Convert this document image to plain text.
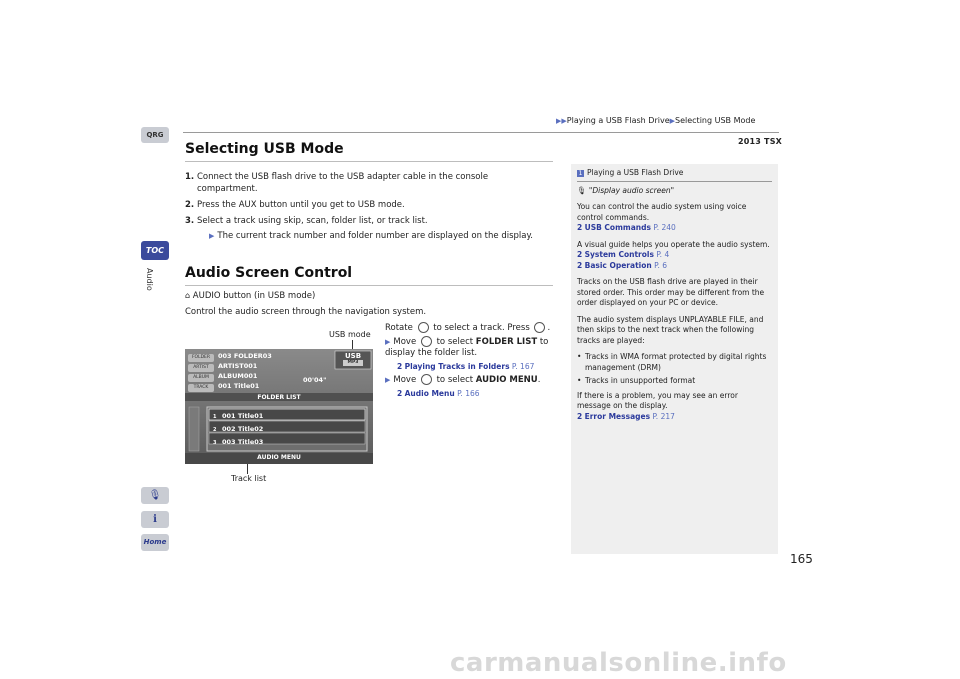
▶▶Playing a USB Flash Drive▶Selecting USB Mode
2013 TSX
QRG
TOC
Audio
🎙
i
Home
Selecting USB Mode
1. Connect the USB flash drive to the USB adapter cable in the console compartment.
2. Press the AUX button until you get to USB mode.
3. Select a track using skip, scan, folder list, or track list.
▶ The current track number and folder number are displayed on the display.
Audio Screen Control
⌂ AUDIO button (in USB mode)
Control the audio screen through the navigation system.

Rotate to select a track. Press .

▶ Move to select FOLDER LIST to display the folder list.

2 Playing Tracks in Folders P. 167

▶ Move to select AUDIO MENU.

2 Audio Menu P. 166

USB mode
Track list
FOLDER 003 FOLDER03
ARTIST ARTIST001
ALBUM ALBUM001
TRACK 001 Title01
00'04"
USB
MP3
FOLDER LIST
1 001 Title01
2 002 Title02
3 003 Title03
AUDIO MENU
1 Playing a USB Flash Drive

🎙 "Display audio screen"

You can control the audio system using voice control commands.
2 USB Commands P. 240

A visual guide helps you operate the audio system.
2 System Controls P. 4
2 Basic Operation P. 6

Tracks on the USB flash drive are played in their stored order. This order may be different from the order displayed on your PC or device.

The audio system displays UNPLAYABLE FILE, and then skips to the next track when the following tracks are played:

• Tracks in WMA format protected by digital rights management (DRM)
• Tracks in unsupported format

If there is a problem, you may see an error message on the display.
2 Error Messages P. 217

165
carmanualsonline.info
